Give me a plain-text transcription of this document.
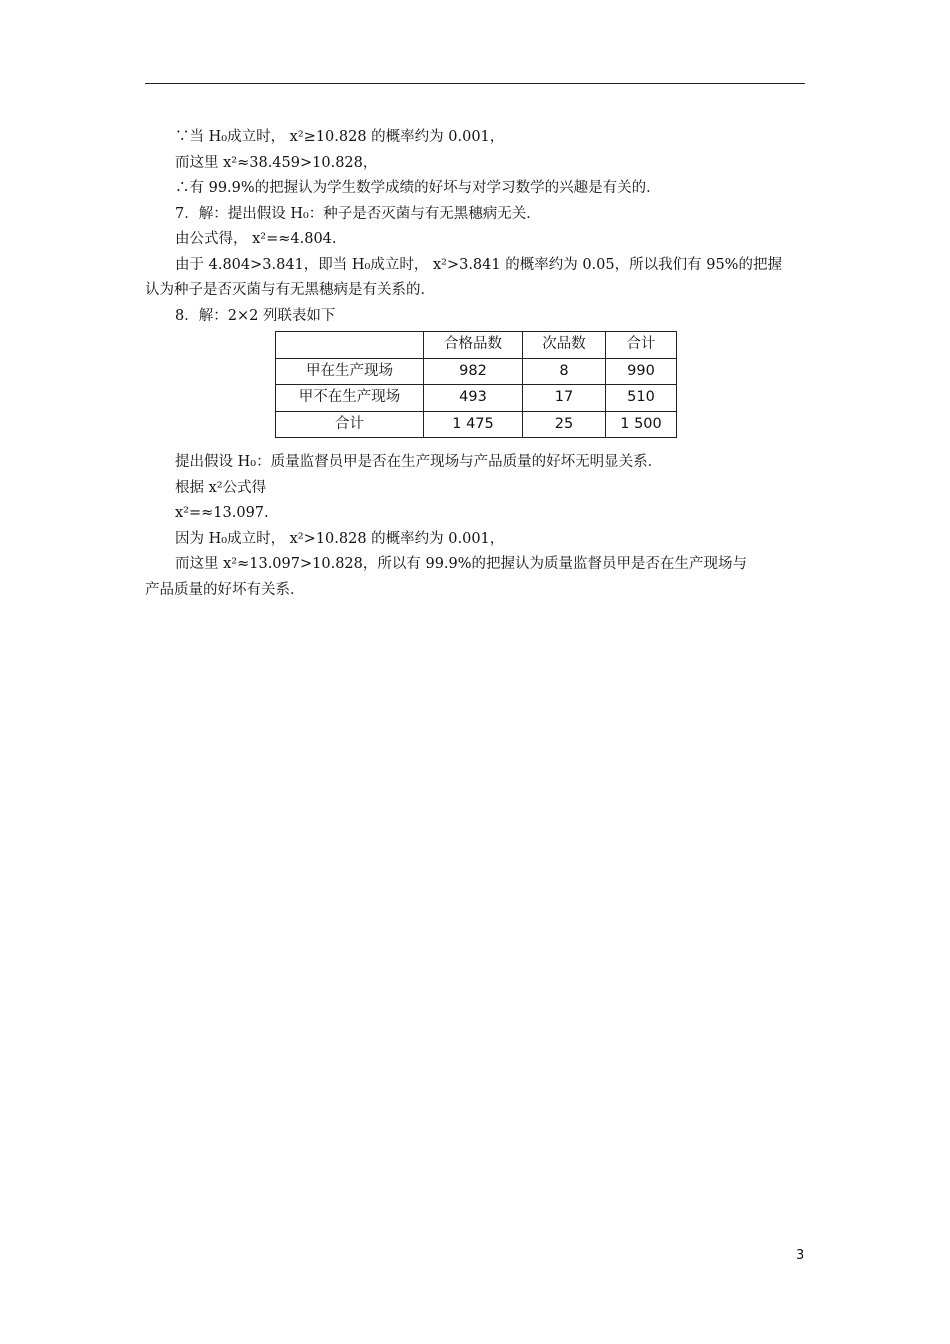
∵当 H₀成立时， x²≥10.828 的概率约为 0.001，
而这里 x²≈38.459>10.828，
∴有 99.9%的把握认为学生数学成绩的好坏与对学习数学的兴趣是有关的．
7．解：提出假设 H₀：种子是否灭菌与有无黑穗病无关．
由公式得， x²=≈4.804.
由于 4.804>3.841，即当 H₀成立时， x²>3.841 的概率约为 0.05，所以我们有 95%的把握
认为种子是否灭菌与有无黑穗病是有关系的．
8．解：2×2 列联表如下
	合格品数	次品数	合计
甲在生产现场	982	8	990
甲不在生产现场	493	17	510
合计	1 475	25	1 500
提出假设 H₀：质量监督员甲是否在生产现场与产品质量的好坏无明显关系．
根据 x²公式得
x²=≈13.097.
因为 H₀成立时， x²>10.828 的概率约为 0.001，
而这里 x²≈13.097>10.828，所以有 99.9%的把握认为质量监督员甲是否在生产现场与
产品质量的好坏有关系．
3
